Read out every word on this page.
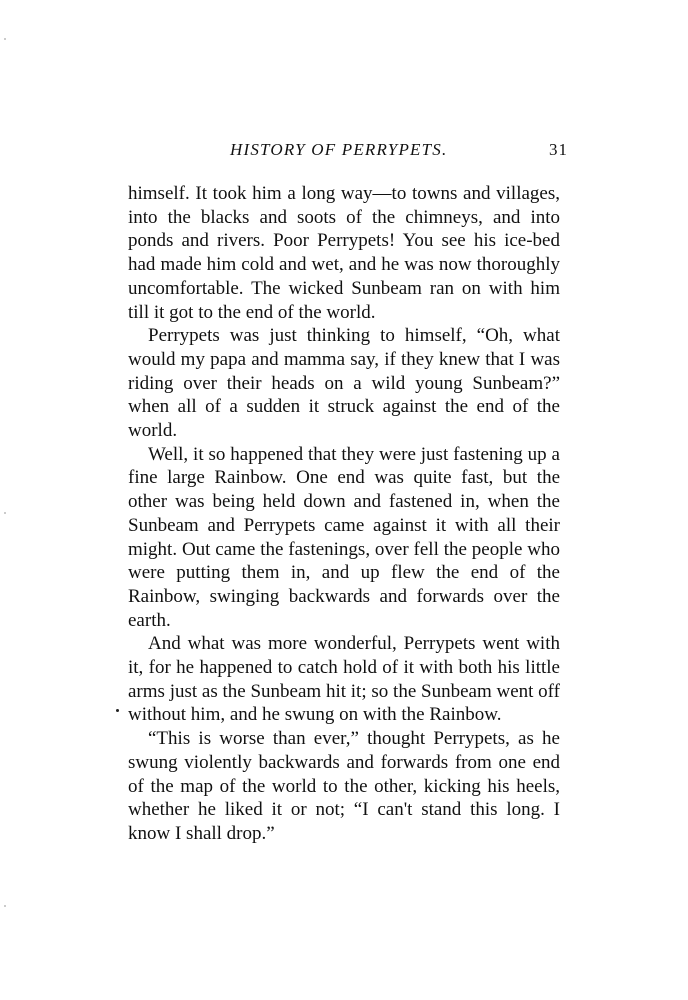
HISTORY OF PERRYPETS.	31

himself. It took him a long way—to towns and villages, into the blacks and soots of the chimneys, and into ponds and rivers. Poor Perrypets! You see his ice-bed had made him cold and wet, and he was now thoroughly uncomfortable. The wicked Sunbeam ran on with him till it got to the end of the world.

Perrypets was just thinking to himself, “Oh, what would my papa and mamma say, if they knew that I was riding over their heads on a wild young Sunbeam?” when all of a sudden it struck against the end of the world.

Well, it so happened that they were just fastening up a fine large Rainbow. One end was quite fast, but the other was being held down and fastened in, when the Sunbeam and Perrypets came against it with all their might. Out came the fastenings, over fell the people who were putting them in, and up flew the end of the Rainbow, swinging backwards and forwards over the earth.

And what was more wonderful, Perrypets went with it, for he happened to catch hold of it with both his little arms just as the Sunbeam hit it; so the Sunbeam went off without him, and he swung on with the Rainbow.

“This is worse than ever,” thought Perrypets, as he swung violently backwards and forwards from one end of the map of the world to the other, kicking his heels, whether he liked it or not; “I can't stand this long. I know I shall drop.”
